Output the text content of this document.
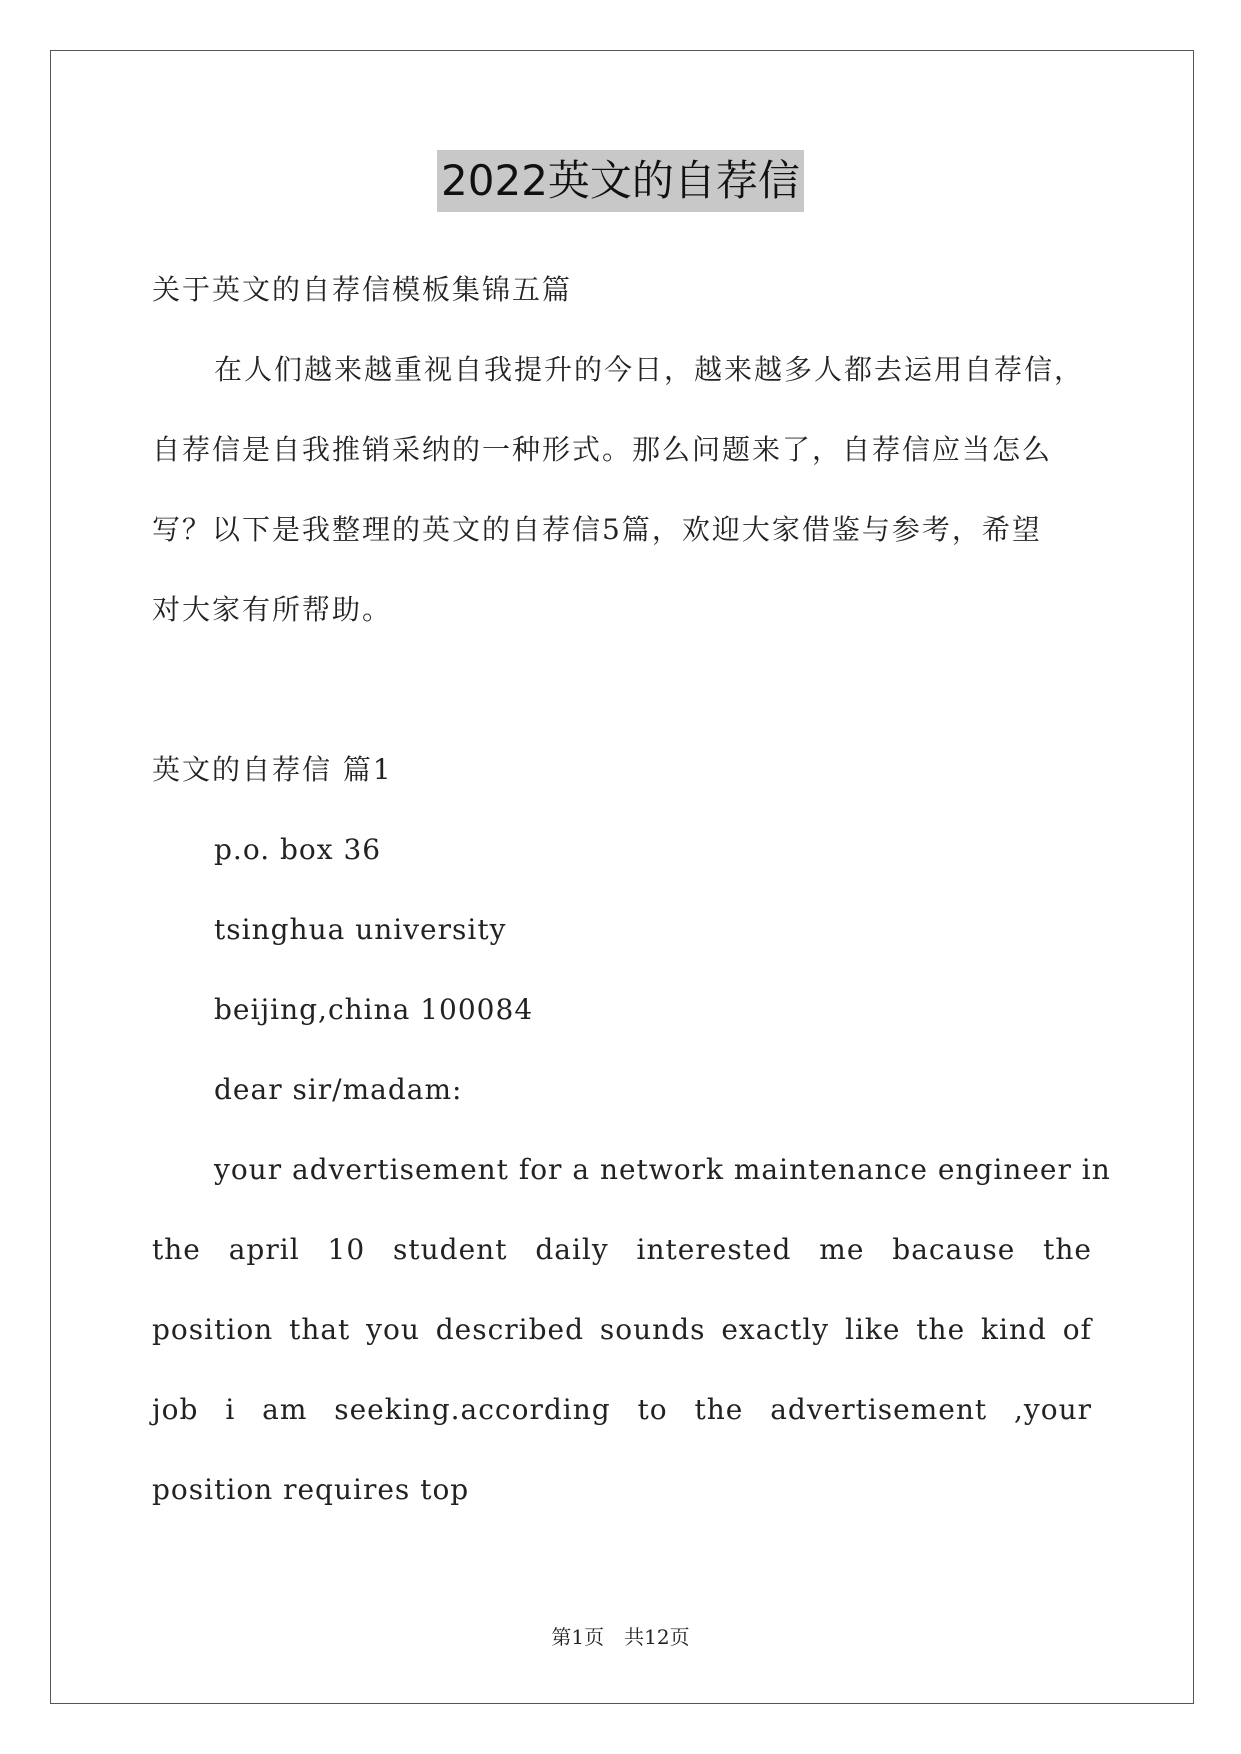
2022英文的自荐信
关于英文的自荐信模板集锦五篇
在人们越来越重视自我提升的今日，越来越多人都去运用自荐信，
自荐信是自我推销采纳的一种形式。那么问题来了，自荐信应当怎么
写？以下是我整理的英文的自荐信5篇，欢迎大家借鉴与参考，希望
对大家有所帮助。
英文的自荐信 篇1
p.o. box 36
tsinghua university
beijing,china 100084
dear sir/madam:
your advertisement for a network maintenance engineer in
the april 10 student daily interested me bacause the
position that you described sounds exactly like the kind of
job i am seeking.according to the advertisement ,your
position requires top
第1页　共12页
